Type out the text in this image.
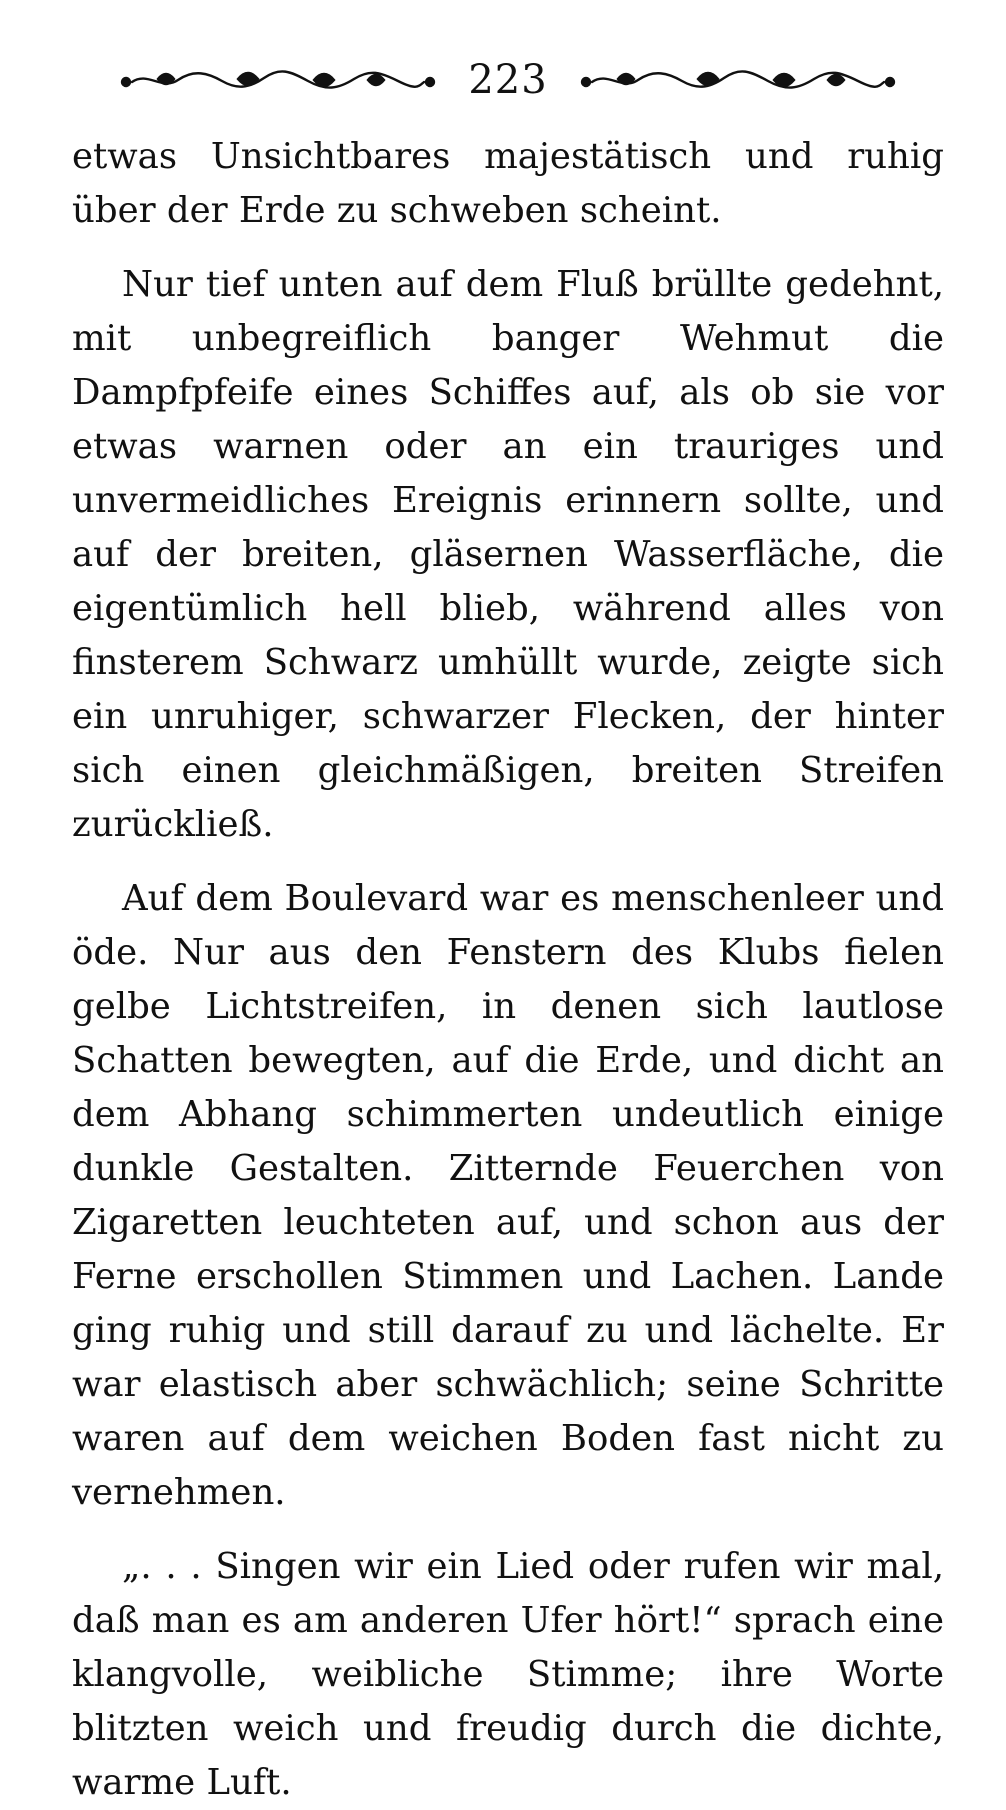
223

etwas Unsichtbares majestätisch und ruhig über der Erde zu schweben scheint.

Nur tief unten auf dem Fluß brüllte gedehnt, mit unbegreiflich banger Wehmut die Dampfpfeife eines Schiffes auf, als ob sie vor etwas warnen oder an ein trauriges und unvermeidliches Ereignis erinnern sollte, und auf der breiten, gläsernen Wasserfläche, die eigentümlich hell blieb, während alles von finsterem Schwarz umhüllt wurde, zeigte sich ein unruhiger, schwarzer Flecken, der hinter sich einen gleichmäßigen, breiten Streifen zurückließ.

Auf dem Boulevard war es menschenleer und öde. Nur aus den Fenstern des Klubs fielen gelbe Lichtstreifen, in denen sich lautlose Schatten bewegten, auf die Erde, und dicht an dem Abhang schimmerten undeutlich einige dunkle Gestalten. Zitternde Feuerchen von Zigaretten leuchteten auf, und schon aus der Ferne erschollen Stimmen und Lachen. Lande ging ruhig und still darauf zu und lächelte. Er war elastisch aber schwächlich; seine Schritte waren auf dem weichen Boden fast nicht zu vernehmen.

„. . . Singen wir ein Lied oder rufen wir mal, daß man es am anderen Ufer hört!“ sprach eine klangvolle, weibliche Stimme; ihre Worte blitzten weich und freudig durch die dichte, warme Luft.
